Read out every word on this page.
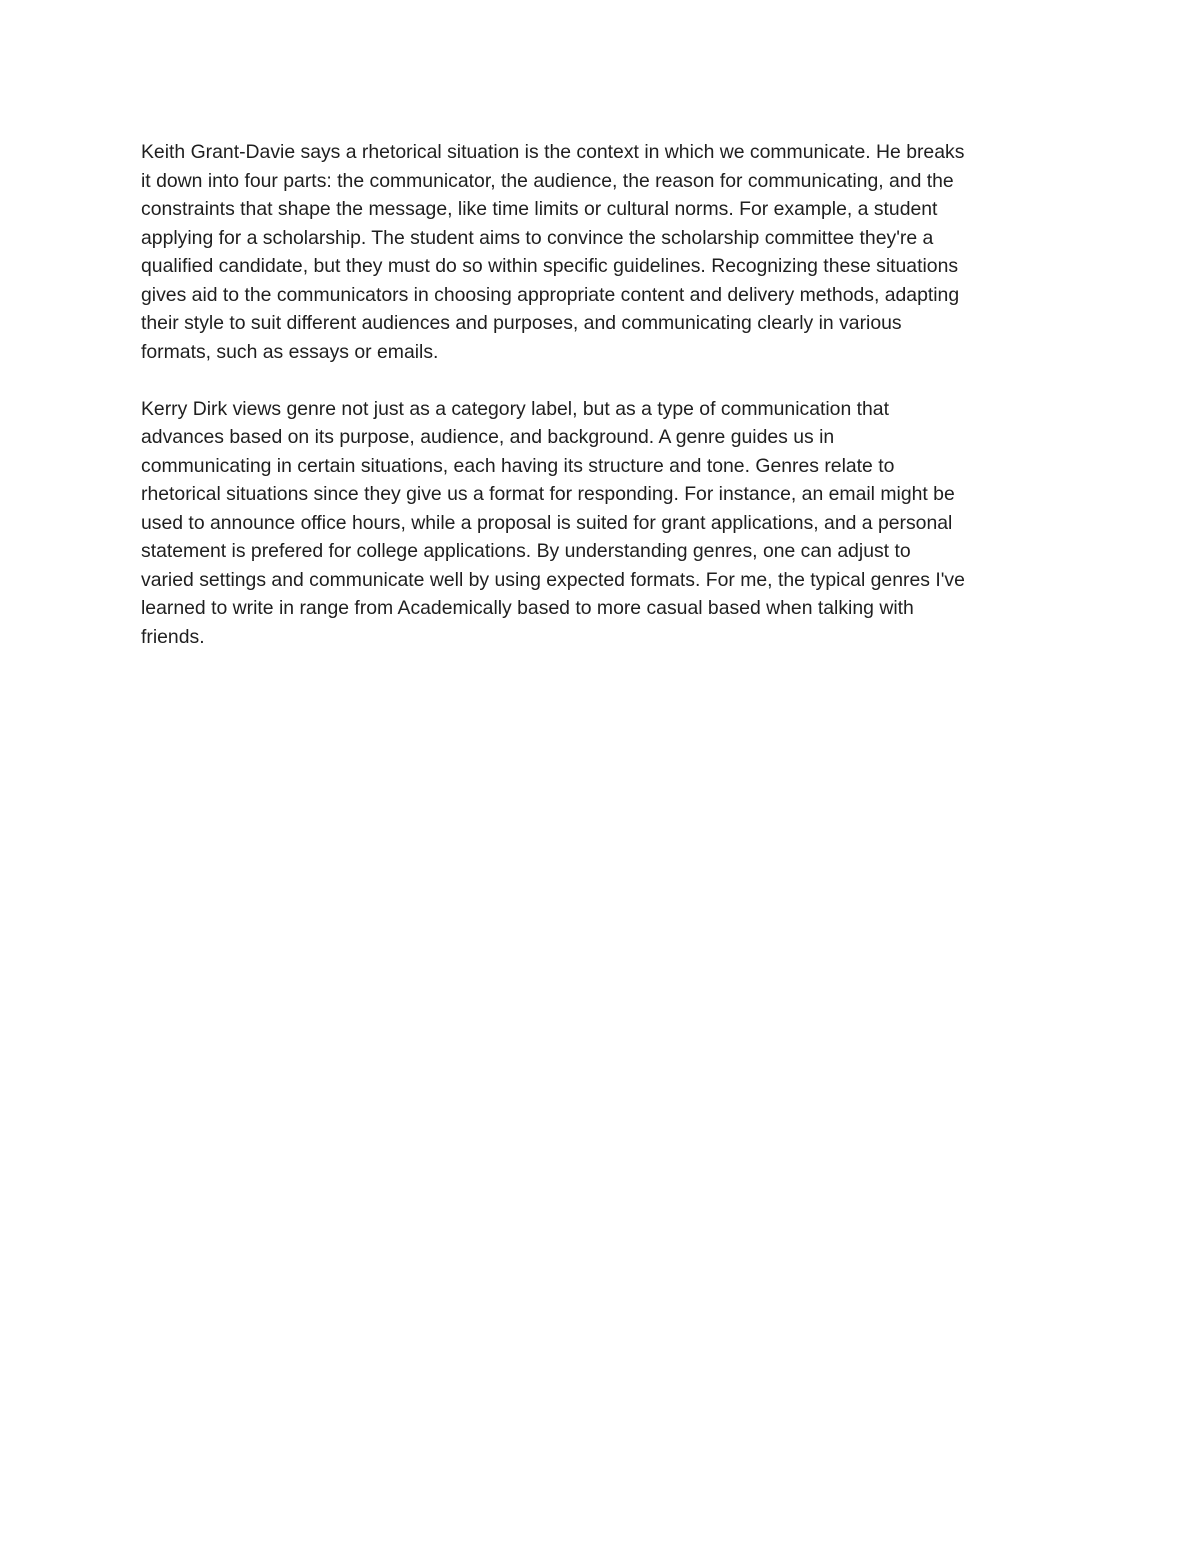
Keith Grant-Davie says a rhetorical situation is the context in which we communicate. He breaks
it down into four parts: the communicator, the audience, the reason for communicating, and the
constraints that shape the message, like time limits or cultural norms. For example, a student
applying for a scholarship. The student aims to convince the scholarship committee they're a
qualified candidate, but they must do so within specific guidelines. Recognizing these situations
gives aid to the communicators in choosing appropriate content and delivery methods, adapting
their style to suit different audiences and purposes, and communicating clearly in various
formats, such as essays or emails.

Kerry Dirk views genre not just as a category label, but as a type of communication that
advances based on its purpose, audience, and background. A genre guides us in
communicating in certain situations, each having its structure and tone. Genres relate to
rhetorical situations since they give us a format for responding. For instance, an email might be
used to announce office hours, while a proposal is suited for grant applications, and a personal
statement is prefered for college applications. By understanding genres, one can adjust to
varied settings and communicate well by using expected formats. For me, the typical genres I've
learned to write in range from Academically based to more casual based when talking with
friends.
